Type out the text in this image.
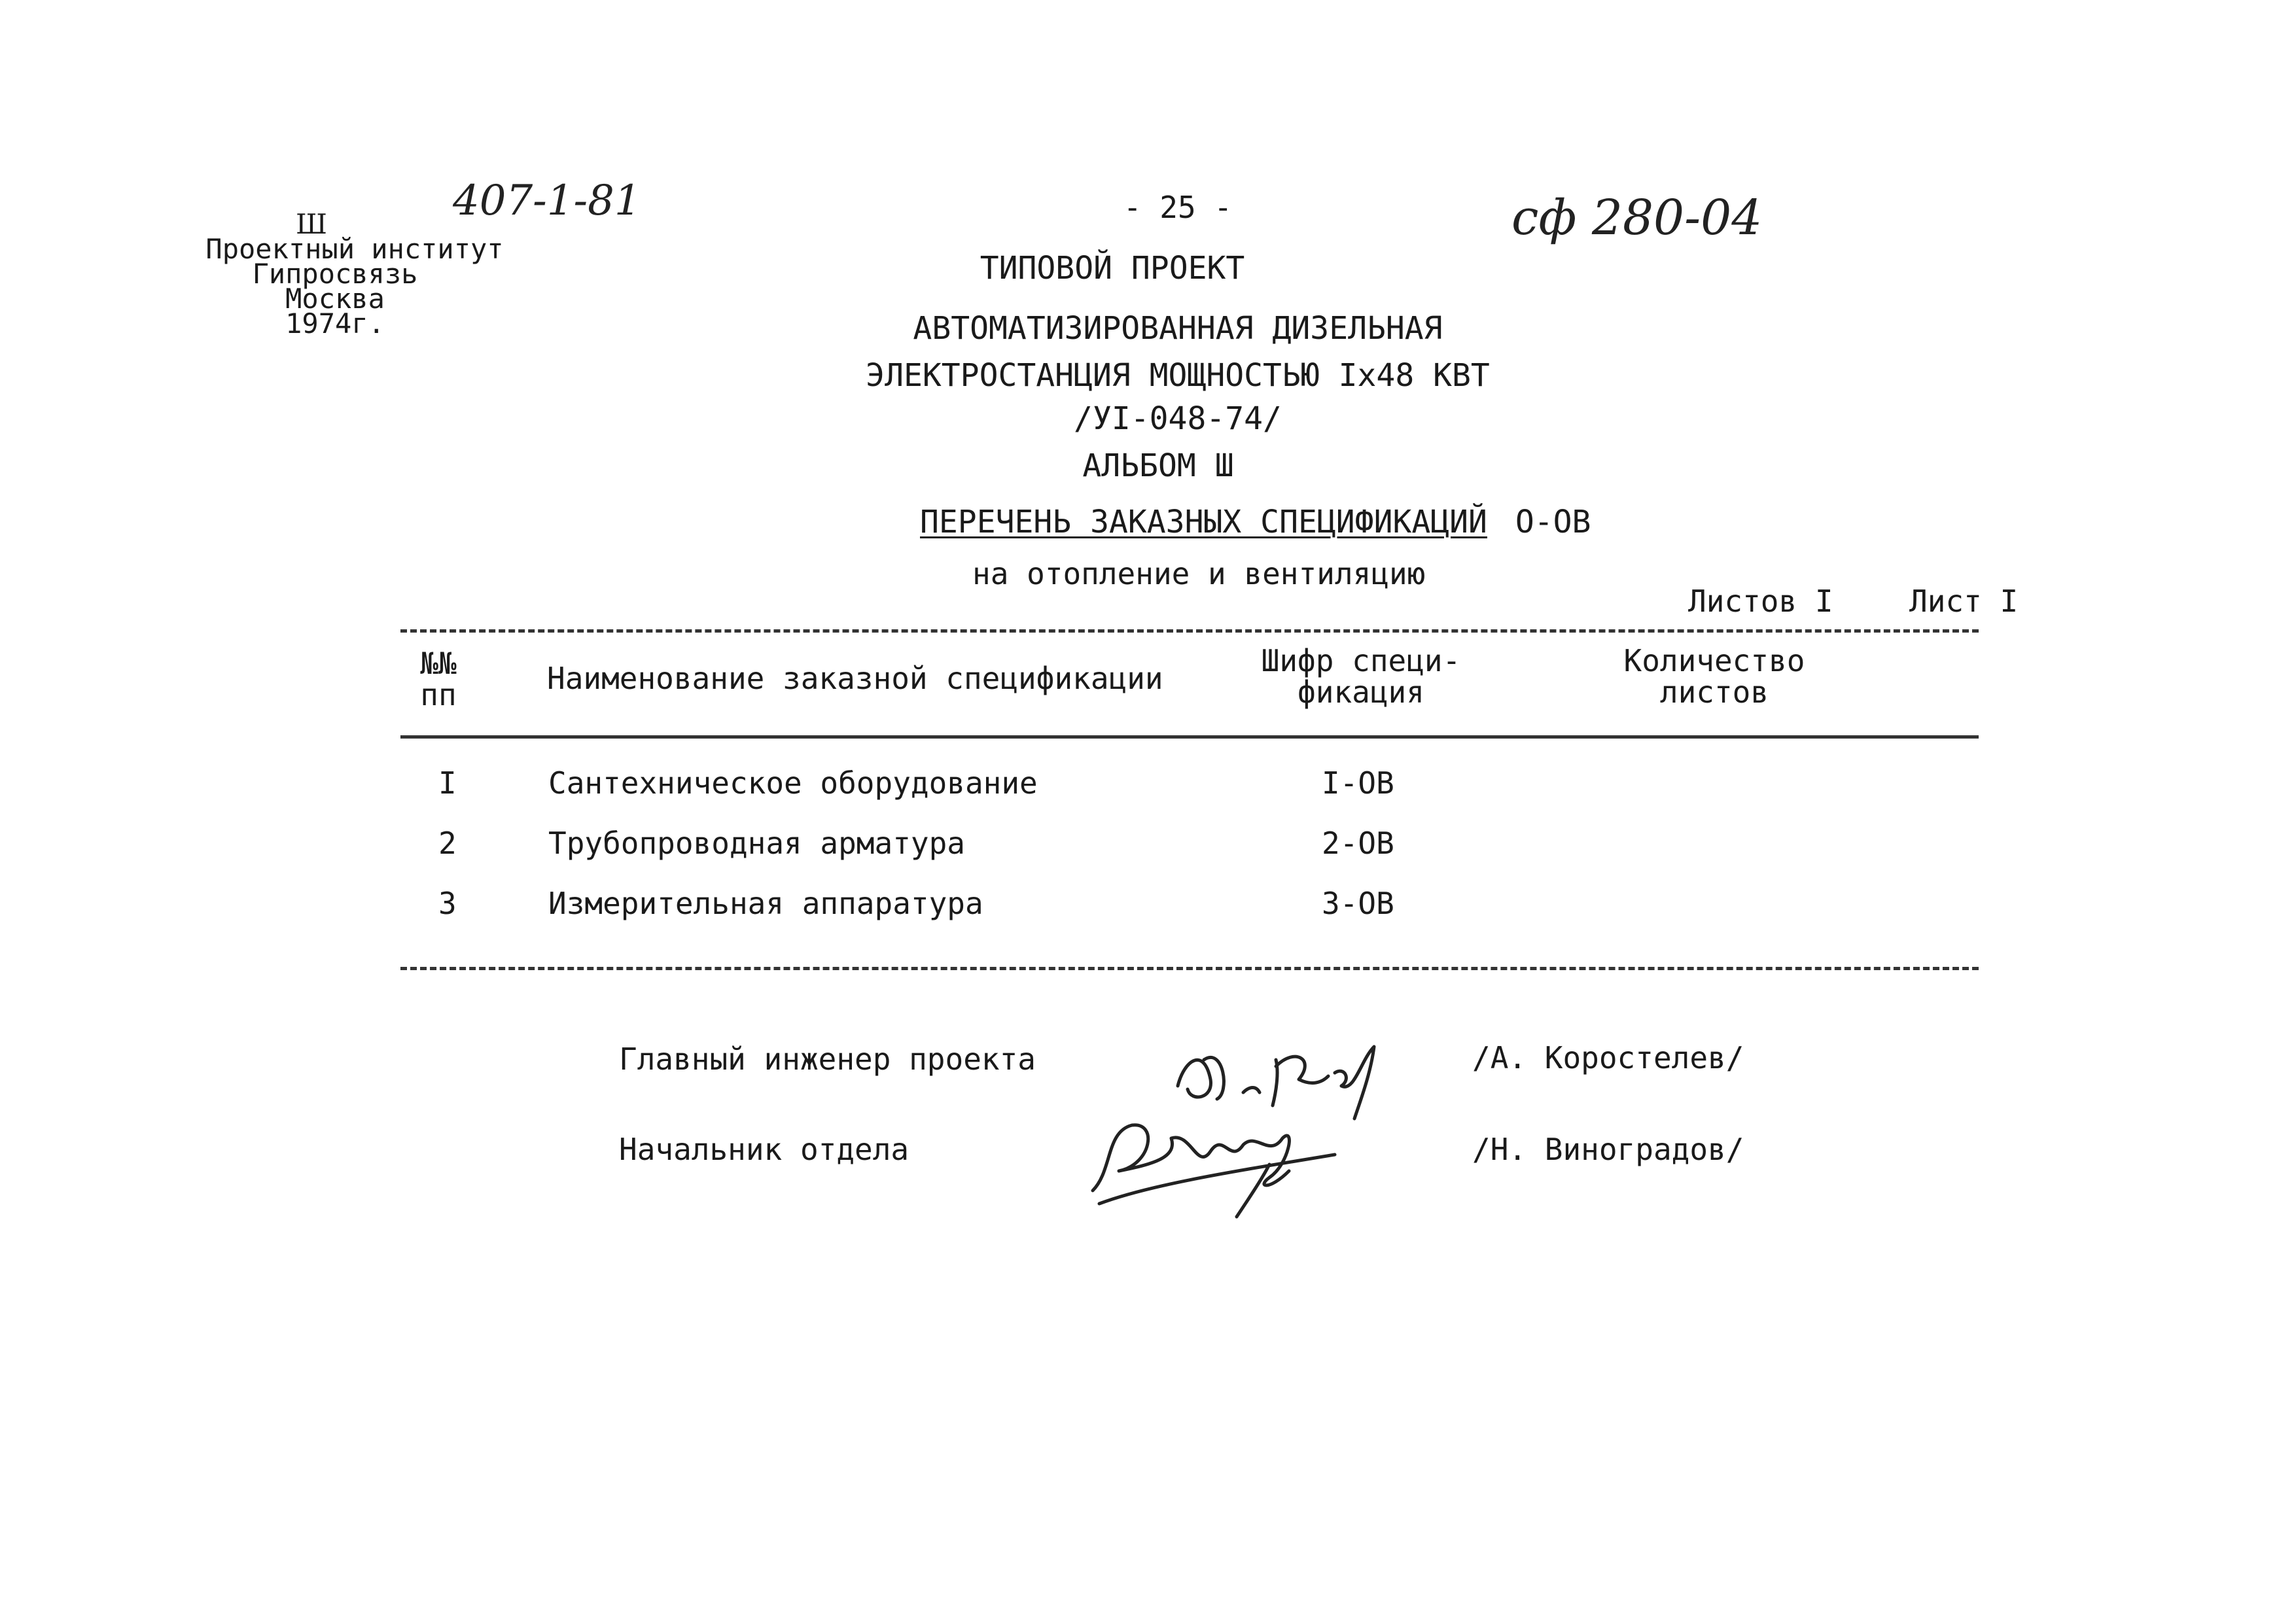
Ш
Проектный институт
Гипросвязь
Москва
1974г.
407-1-81	сф 280-04
- 25 -
ТИПОВОЙ ПРОЕКТ
АВТОМАТИЗИРОВАННАЯ ДИЗЕЛЬНАЯ
ЭЛЕКТРОСТАНЦИЯ МОЩНОСТЬЮ Iх48 КВТ
/УI-048-74/
АЛЬБОМ Ш
ПЕРЕЧЕНЬ ЗАКАЗНЫХ СПЕЦИФИКАЦИЙ О-ОВ
на отопление и вентиляцию
Листов I	Лист I
№№
пп	Наименование заказной спецификации	Шифр специ-
фикация
Количество
листов
I	Сантехническое оборудование	I-ОВ
2	Трубопроводная арматура	2-ОВ
3	Измерительная аппаратура	3-ОВ
Главный инженер проекта	/А. Коростелев/
Начальник отдела	/Н. Виноградов/
